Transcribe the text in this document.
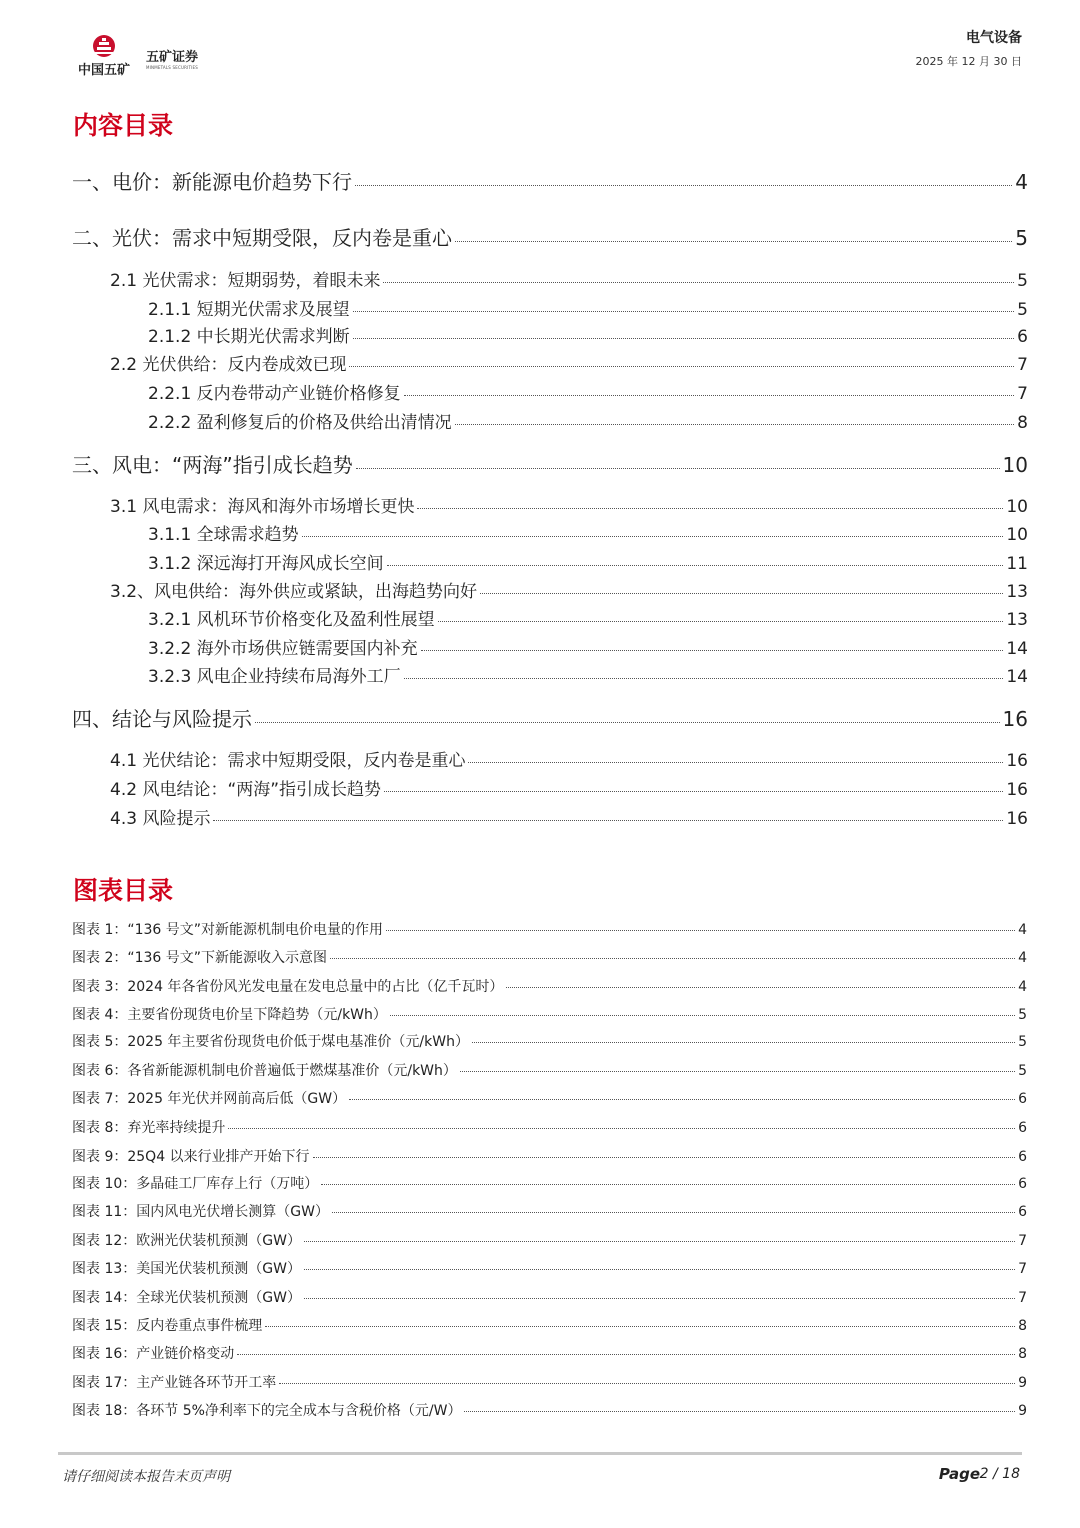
中国五矿
五矿证券
MINMETALS SECURITIES
电气设备
2025 年 12 月 30 日
内容目录
一、电价：新能源电价趋势下行	4
二、光伏：需求中短期受限，反内卷是重心	5
2.1 光伏需求：短期弱势，着眼未来	5
2.1.1 短期光伏需求及展望	5
2.1.2 中长期光伏需求判断	6
2.2 光伏供给：反内卷成效已现	7
2.2.1 反内卷带动产业链价格修复	7
2.2.2 盈利修复后的价格及供给出清情况	8
三、风电：“两海”指引成长趋势	10
3.1 风电需求：海风和海外市场增长更快	10
3.1.1 全球需求趋势	10
3.1.2 深远海打开海风成长空间	11
3.2、风电供给：海外供应或紧缺，出海趋势向好	13
3.2.1 风机环节价格变化及盈利性展望	13
3.2.2 海外市场供应链需要国内补充	14
3.2.3 风电企业持续布局海外工厂	14
四、结论与风险提示	16
4.1 光伏结论：需求中短期受限，反内卷是重心	16
4.2 风电结论：“两海”指引成长趋势	16
4.3 风险提示	16
图表目录
图表 1：“136 号文”对新能源机制电价电量的作用	4
图表 2：“136 号文”下新能源收入示意图	4
图表 3：2024 年各省份风光发电量在发电总量中的占比（亿千瓦时）	4
图表 4：主要省份现货电价呈下降趋势（元/kWh）	5
图表 5：2025 年主要省份现货电价低于煤电基准价（元/kWh）	5
图表 6：各省新能源机制电价普遍低于燃煤基准价（元/kWh）	5
图表 7：2025 年光伏并网前高后低（GW）	6
图表 8：弃光率持续提升	6
图表 9：25Q4 以来行业排产开始下行	6
图表 10：多晶硅工厂库存上行（万吨）	6
图表 11：国内风电光伏增长测算（GW）	6
图表 12：欧洲光伏装机预测（GW）	7
图表 13：美国光伏装机预测（GW）	7
图表 14：全球光伏装机预测（GW）	7
图表 15：反内卷重点事件梳理	8
图表 16：产业链价格变动	8
图表 17：主产业链各环节开工率	9
图表 18：各环节 5%净利率下的完全成本与含税价格（元/W）	9
请仔细阅读本报告末页声明	Page 2 / 18
